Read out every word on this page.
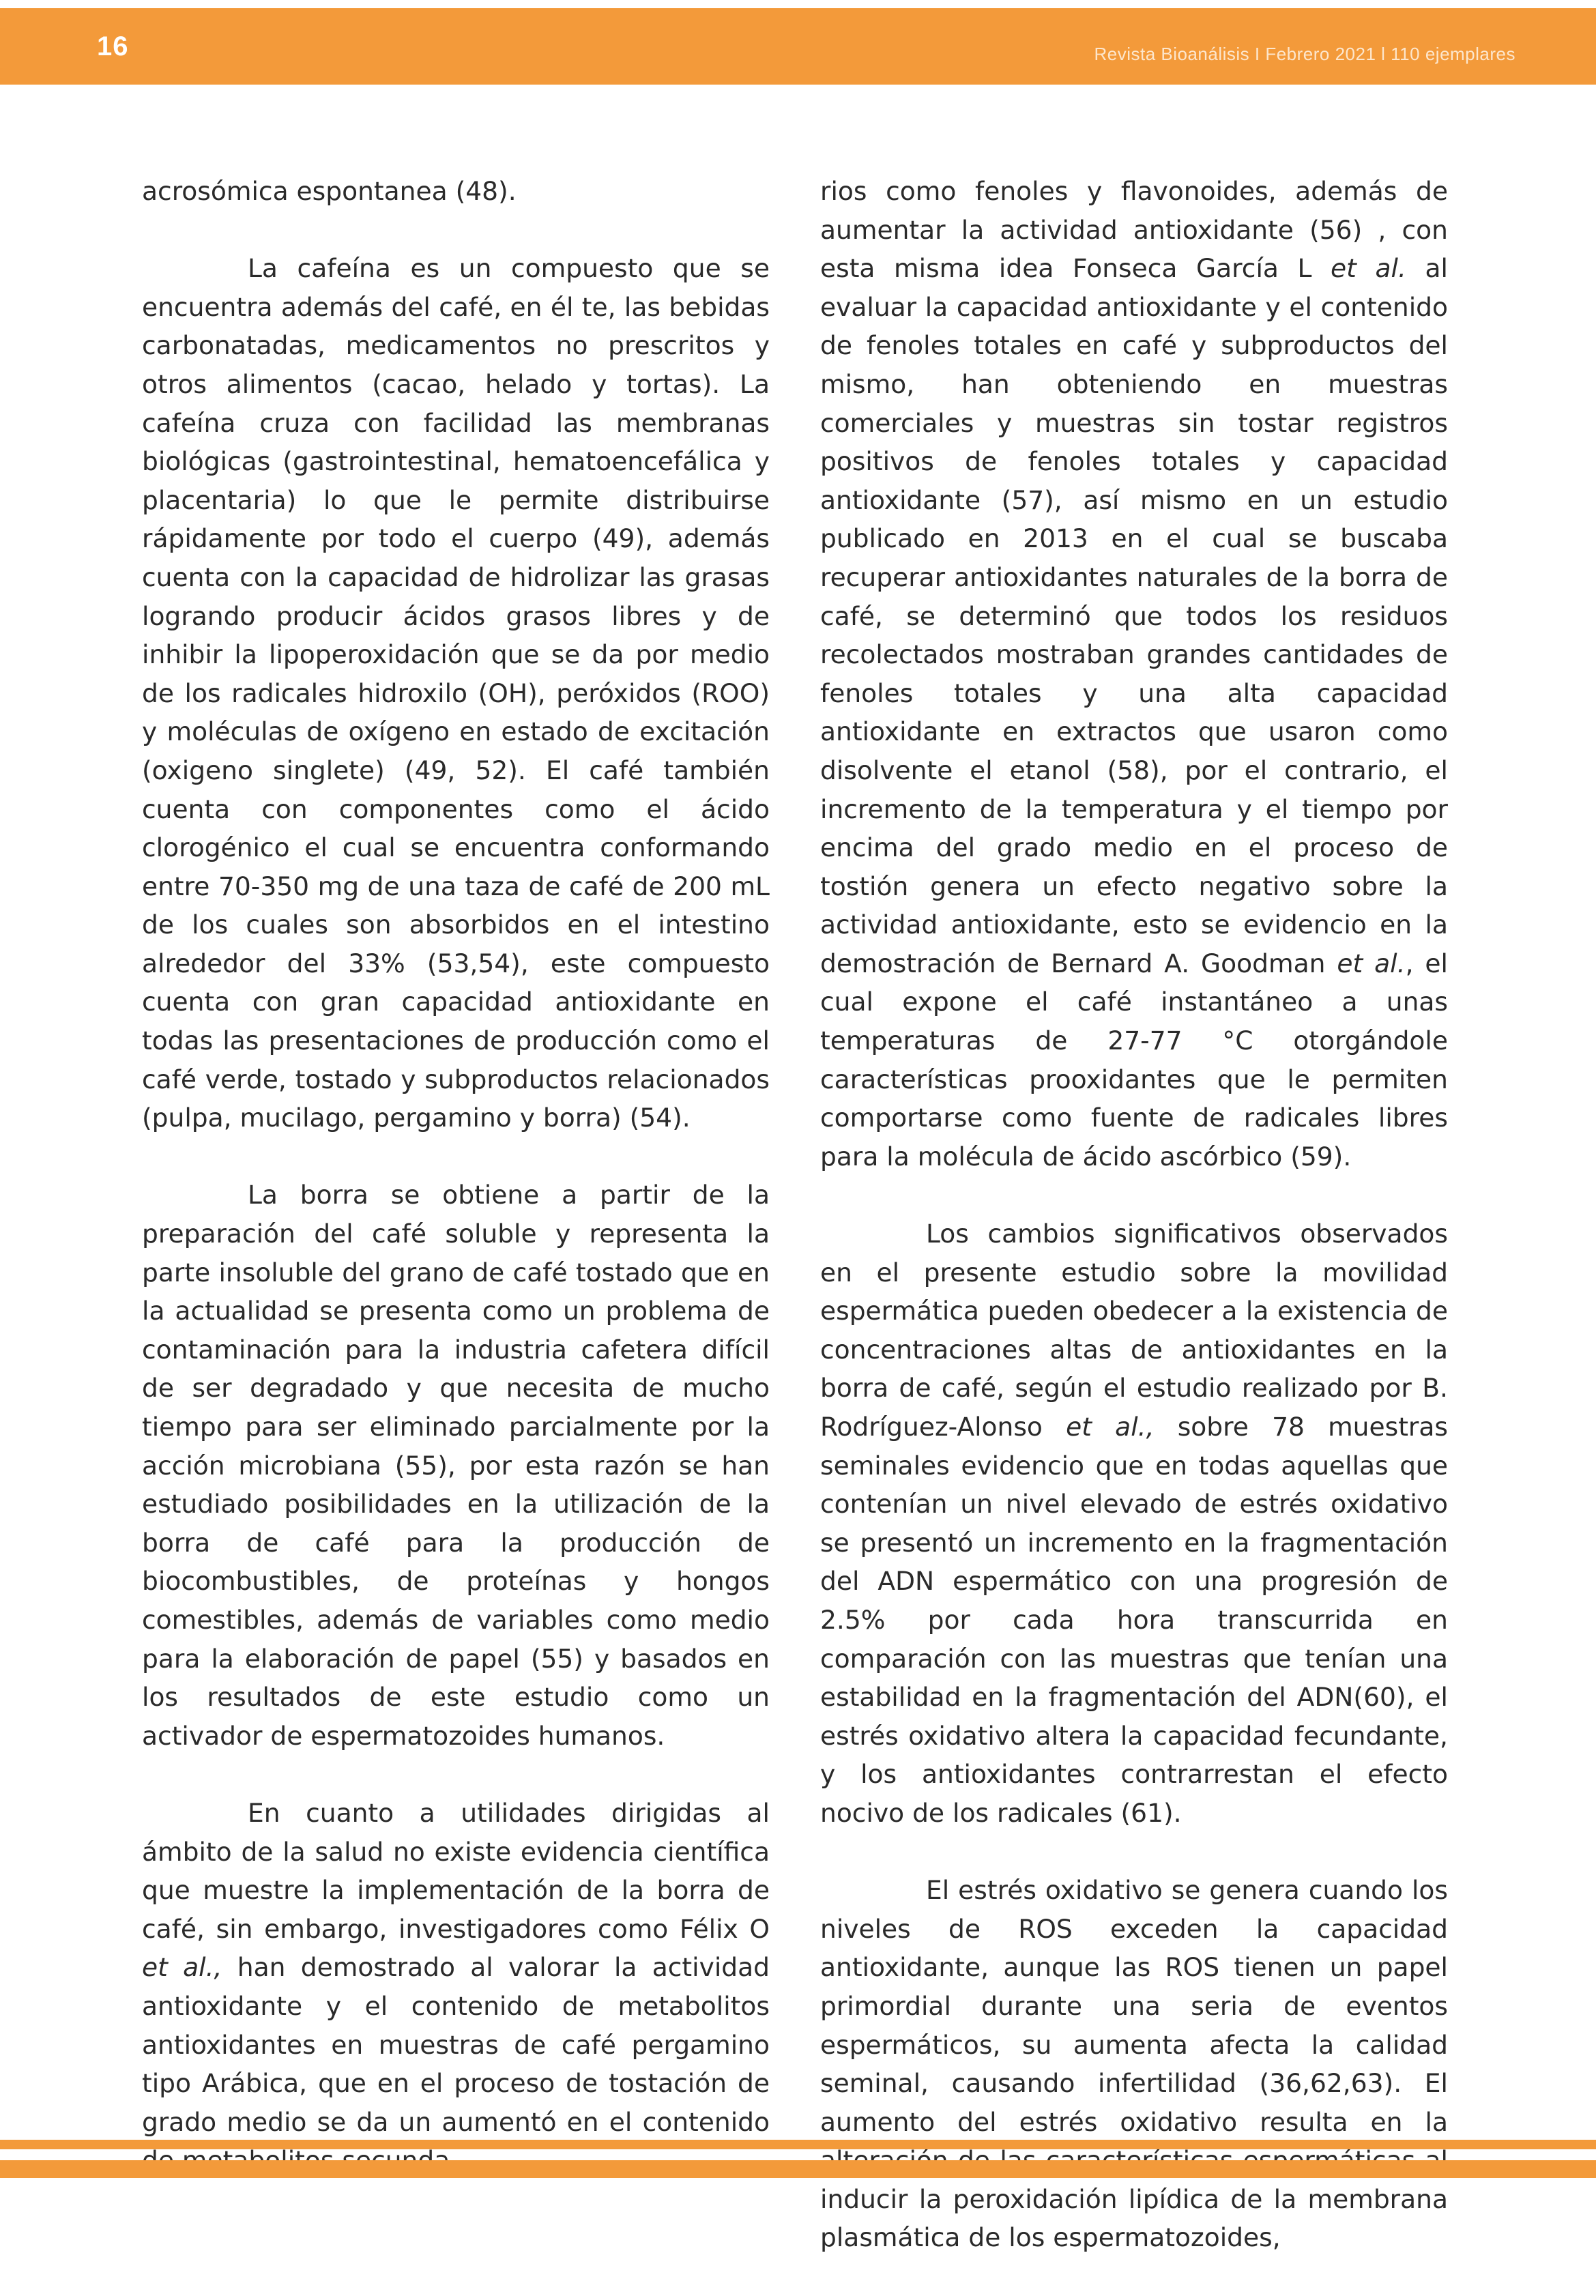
16	Revista Bioanálisis I Febrero 2021 l 110 ejemplares

acrosómica espontanea (48).

La cafeína es un compuesto que se encuentra además del café, en él te, las bebidas carbonatadas, medicamentos no prescritos y otros alimentos (cacao, helado y tortas). La cafeína cruza con facilidad las membranas biológicas (gastrointestinal, hematoencefálica y placentaria) lo que le permite distribuirse rápidamente por todo el cuerpo (49), además cuenta con la capacidad de hidrolizar las grasas logrando producir ácidos grasos libres y de inhibir la lipoperoxidación que se da por medio de los radicales hidroxilo (OH), peróxidos (ROO) y moléculas de oxígeno en estado de excitación (oxigeno singlete) (49, 52). El café también cuenta con componentes como el ácido clorogénico el cual se encuentra conformando entre 70-350 mg de una taza de café de 200 mL de los cuales son absorbidos en el intestino alrededor del 33% (53,54), este compuesto cuenta con gran capacidad antioxidante en todas las presentaciones de producción como el café verde, tostado y subproductos relacionados (pulpa, mucilago, pergamino y borra) (54).

La borra se obtiene a partir de la preparación del café soluble y representa la parte insoluble del grano de café tostado que en la actualidad se presenta como un problema de contaminación para la industria cafetera difícil de ser degradado y que necesita de mucho tiempo para ser eliminado parcialmente por la acción microbiana (55), por esta razón se han estudiado posibilidades en la utilización de la borra de café para la producción de biocombustibles, de proteínas y hongos comestibles, además de variables como medio para la elaboración de papel (55) y basados en los resultados de este estudio como un activador de espermatozoides humanos.

En cuanto a utilidades dirigidas al ámbito de la salud no existe evidencia científica que muestre la implementación de la borra de café, sin embargo, investigadores como Félix O et al., han demostrado al valorar la actividad antioxidante y el contenido de metabolitos antioxidantes en muestras de café pergamino tipo Arábica, que en el proceso de tostación de grado medio se da un aumentó en el contenido

rios como fenoles y flavonoides, además de aumentar la actividad antioxidante (56) , con esta misma idea Fonseca García L et al. al evaluar la capacidad antioxidante y el contenido de fenoles totales en café y subproductos del mismo, han obteniendo en muestras comerciales y muestras sin tostar registros positivos de fenoles totales y capacidad antioxidante (57), así mismo en un estudio publicado en 2013 en el cual se buscaba recuperar antioxidantes naturales de la borra de café, se determinó que todos los residuos recolectados mostraban grandes cantidades de fenoles totales y una alta capacidad antioxidante en extractos que usaron como disolvente el etanol (58), por el contrario, el incremento de la temperatura y el tiempo por encima del grado medio en el proceso de tostión genera un efecto negativo sobre la actividad antioxidante, esto se evidencio en la demostración de Bernard A. Goodman et al., el cual expone el café instantáneo a unas temperaturas de 27-77 °C otorgándole características prooxidantes que le permiten comportarse como fuente de radicales libres para la molécula de ácido ascórbico (59).

Los cambios significativos observados en el presente estudio sobre la movilidad espermática pueden obedecer a la existencia de concentraciones altas de antioxidantes en la borra de café, según el estudio realizado por B. Rodríguez-Alonso et al., sobre 78 muestras seminales evidencio que en todas aquellas que contenían un nivel elevado de estrés oxidativo se presentó un incremento en la fragmentación del ADN espermático con una progresión de 2.5% por cada hora transcurrida en comparación con las muestras que tenían una estabilidad en la fragmentación del ADN(60), el estrés oxidativo altera la capacidad fecundante, y los antioxidantes contrarrestan el efecto nocivo de los radicales (61).

El estrés oxidativo se genera cuando los niveles de ROS exceden la capacidad antioxidante, aunque las ROS tienen un papel primordial durante una seria de eventos espermáticos, su aumenta afecta la calidad seminal, causando infertilidad (36,62,63). El aumento del estrés oxidativo resulta en la inducir la peroxidación lipídica de la membrana plasmática de los espermatozoides,
